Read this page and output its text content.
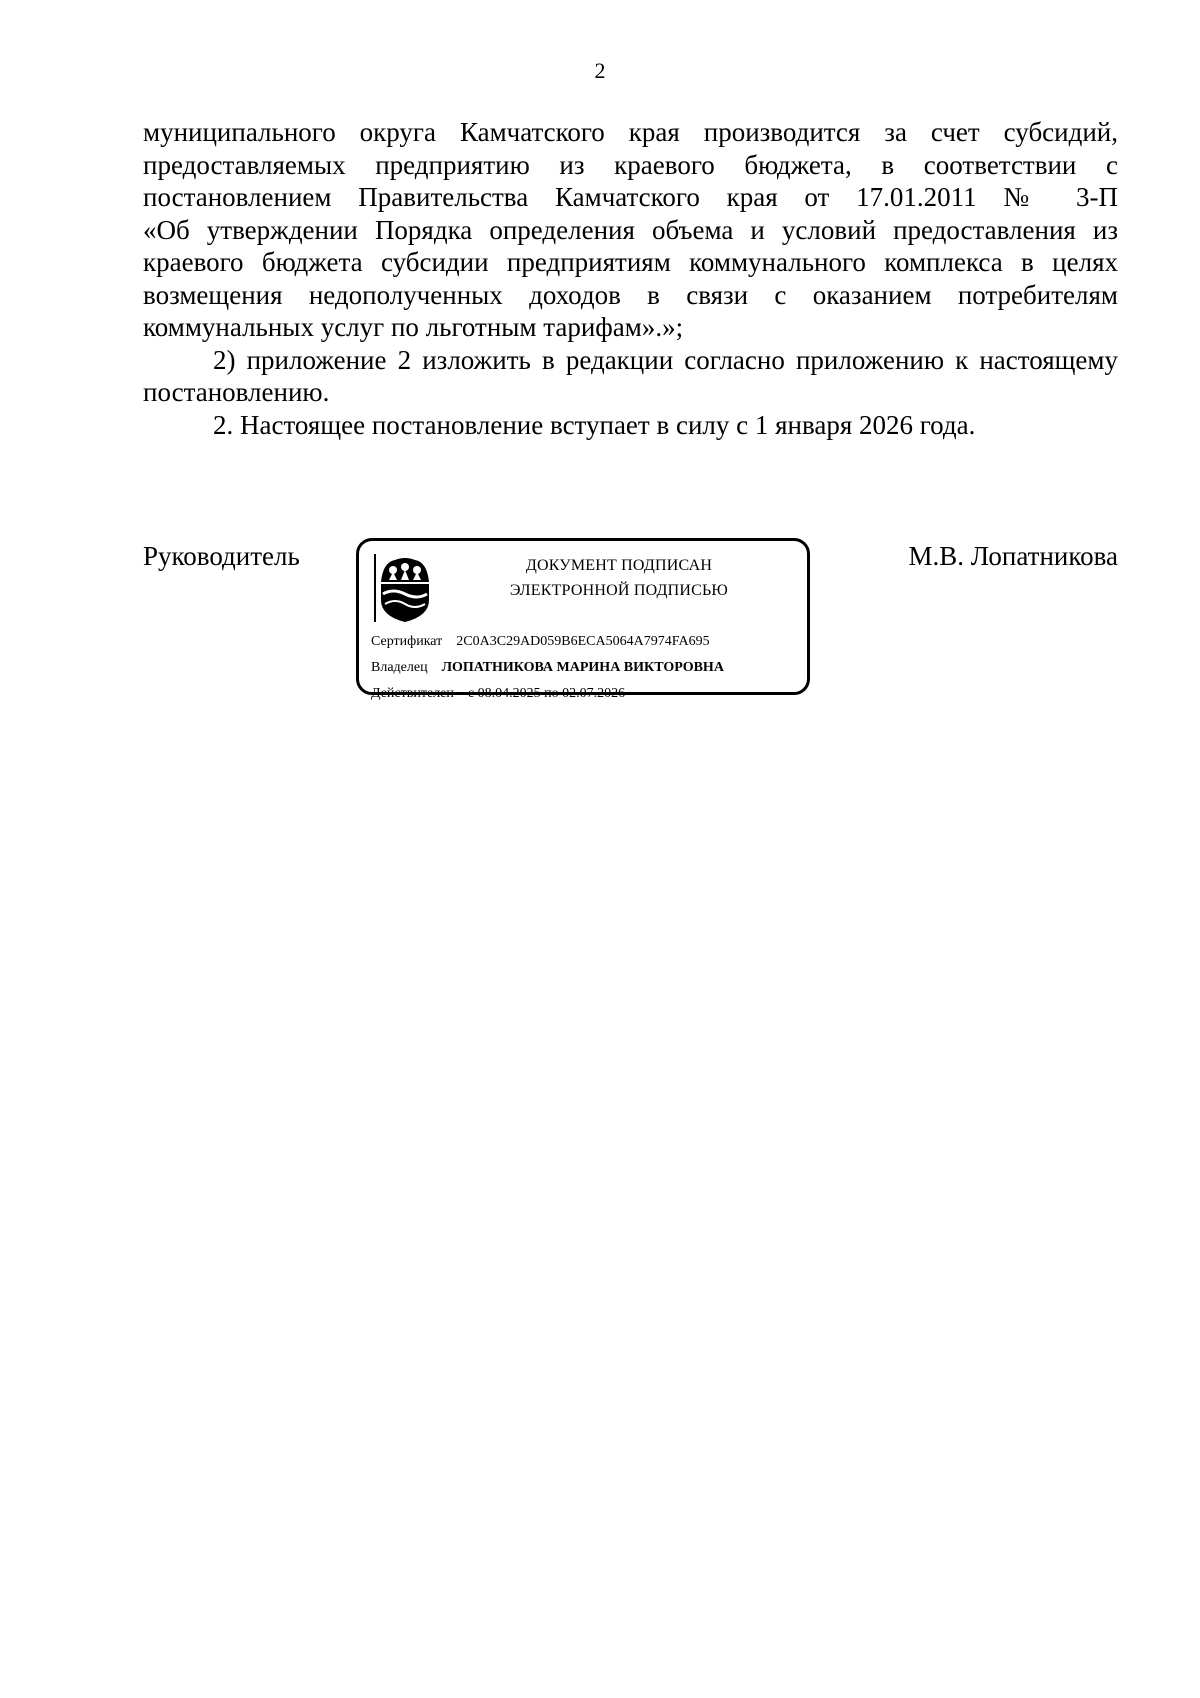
2

муниципального округа Камчатского края производится за счет субсидий,
предоставляемых предприятию из краевого бюджета, в соответствии с
постановлением Правительства Камчатского края от 17.01.2011 № 3-П
«Об утверждении Порядка определения объема и условий предоставления из
краевого бюджета субсидии предприятиям коммунального комплекса в целях
возмещения недополученных доходов в связи с оказанием потребителям
коммунальных услуг по льготным тарифам».»;

2) приложение 2 изложить в редакции согласно приложению к настоящему постановлению.

2. Настоящее постановление вступает в силу с 1 января 2026 года.

Руководитель	ДОКУМЕНТ ПОДПИСАН
ЭЛЕКТРОННОЙ ПОДПИСЬЮ
Сертификат 2C0A3C29AD059B6ECA5064A7974FA695
Владелец ЛОПАТНИКОВА МАРИНА ВИКТОРОВНА
Действителен с 08.04.2025 по 02.07.2026
М.В. Лопатникова
